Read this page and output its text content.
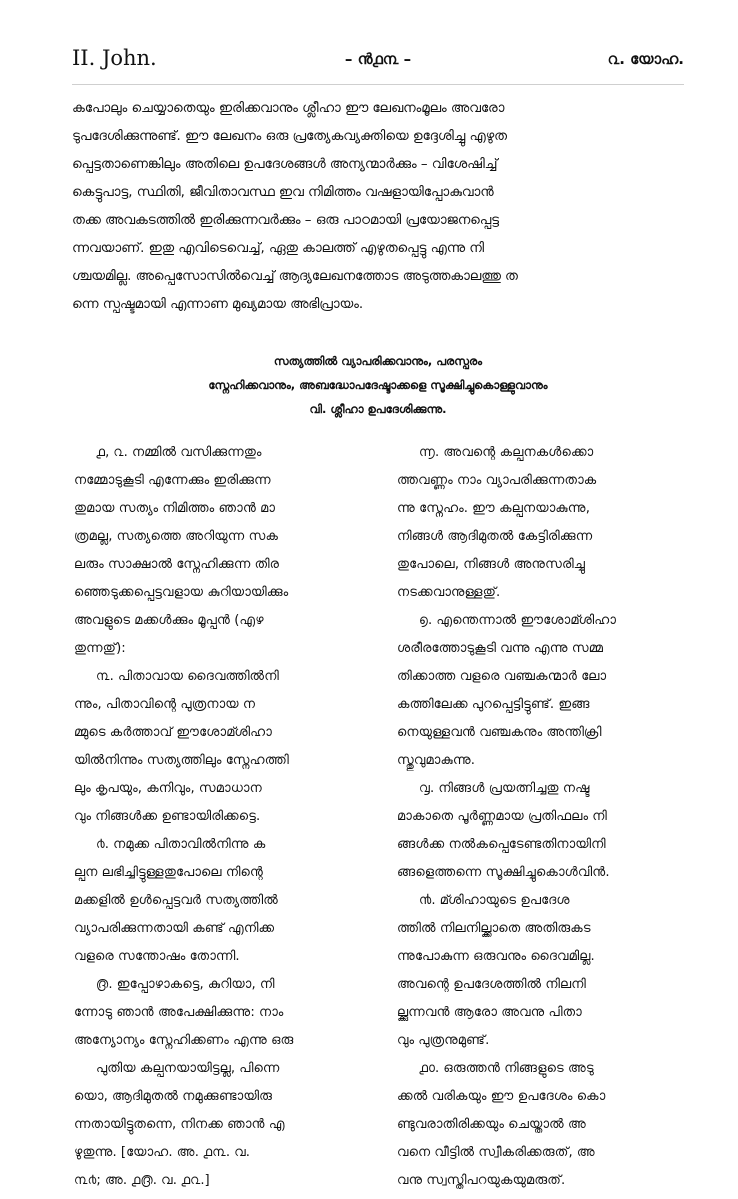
II. John.	– ൻ൧൩ –	൨. യോഹ.
കപോലും ചെയ്യാതെയും ഇരിക്കവാനും ശ്ലീഹാ ഈ ലേഖനംമൂലം അവരോ
ടുപദേശിക്കുന്നുണ്ട്. ഈ ലേഖനം ഒരു പ്രത്യേകവ്യക്തിയെ ഉദ്ദേശിച്ചു എഴുത
പ്പെട്ടതാണെങ്കിലും അതിലെ ഉപദേശങ്ങൾ അന്യന്മാർക്കും – വിശേഷിച്ച്
കെട്ടുപാട്ട, സ്ഥിതി, ജീവിതാവസ്ഥ ഇവ നിമിത്തം വഷളായിപ്പോകുവാൻ
തക്ക അവകടത്തിൽ ഇരിക്കുന്നവർക്കും – ഒരു പാഠമായി പ്രയോജനപ്പെട്ട
ന്നവയാണ്. ഇതു എവിടെവെച്ച്, ഏതു കാലത്ത് എഴുതപ്പെട്ടു എന്നു നി
ശ്ചയമില്ല. അപ്പെസോസിൽവെച്ച് ആദ്യലേഖനത്തോട അടുത്തകാലത്തു ത
ന്നെ സ്പഷ്ടമായി എന്നാണ മുഖ്യമായ അഭിപ്രായം.
സത്യത്തിൽ വ്യാപരിക്കവാനും, പരസ്പരം
സ്നേഹിക്കവാനും, അബദ്ധോപദേഷ്ടാക്കളെ സൂക്ഷിച്ചുകൊള്ളുവാനും
വി. ശ്ലീഹാ ഉപദേശിക്കുന്നു.
൧, ൨. നമ്മിൽ വസിക്കുന്നതും
നമ്മോടുകൂടി എന്നേക്കും ഇരിക്കുന്ന
തുമായ സത്യം നിമിത്തം ഞാൻ മാ
ത്രമല്ല, സത്യത്തെ അറിയുന്ന സക
ലരും സാക്ഷാൽ സ്നേഹിക്കുന്ന തിര
ഞ്ഞെടുക്കപ്പെട്ടവളായ കുറിയായിക്കും
അവളുടെ മക്കൾക്കും മൂപ്പൻ (എഴ
തുന്നതു്):
൩. പിതാവായ ദൈവത്തിൽനി
ന്നും, പിതാവിന്റെ പുത്രനായ ന
മ്മുടെ കർത്താവ് ഈശോമ്ശിഹാ
യിൽനിന്നും സത്യത്തിലും സ്നേഹത്തി
ലും കൃപയും, കനിവും, സമാധാന
വും നിങ്ങൾക്ക ഉണ്ടായിരിക്കട്ടെ.
൪. നമുക്ക പിതാവിൽനിന്നു ക
ല്പന ലഭിച്ചിട്ടുള്ളതുപോലെ നിന്റെ
മക്കളിൽ ഉൾപ്പെട്ടവർ സത്യത്തിൽ
വ്യാപരിക്കുന്നതായി കണ്ട് എനിക്ക
വളരെ സന്തോഷം തോന്നി.
൫. ഇപ്പോഴാകട്ടെ, കുറിയാ, നി
ന്നോടു ഞാൻ അപേക്ഷിക്കുന്നു: നാം
അന്യോന്യം സ്നേഹിക്കണം എന്നു ഒരു
പുതിയ കല്പനയായിട്ടല്ല, പിന്നെ
യൊ, ആദിമുതൽ നമുക്കുണ്ടായിരു
ന്നതായിട്ടുതന്നെ, നിനക്ക ഞാൻ എ
ഴുതുന്നു. [യോഹ. അ. ൧൩. വ.
൩൪; അ. ൧൫. വ. ൧൨.]
൬. അവന്റെ കല്പനകൾക്കൊ
ത്തവണ്ണം നാം വ്യാപരിക്കുന്നതാക
ന്നു സ്നേഹം. ഈ കല്പനയാകുന്നു,
നിങ്ങൾ ആദിമുതൽ കേട്ടിരിക്കുന്ന
തുപോലെ, നിങ്ങൾ അനുസരിച്ചു
നടക്കവാനുള്ളതു്.
൭. എന്തെന്നാൽ ഈശോമ്ശിഹാ
ശരീരത്തോടുകൂടി വന്നു എന്നു സമ്മ
തിക്കാത്ത വളരെ വഞ്ചകന്മാർ ലോ
കത്തിലേക്ക പുറപ്പെട്ടിട്ടുണ്ട്. ഇങ്ങ
നെയുള്ളവൻ വഞ്ചകനും അന്തിക്രി
സ്തുവുമാകുന്നു.
൮. നിങ്ങൾ പ്രയത്നിച്ചതു നഷ്ട
മാകാതെ പൂർണ്ണമായ പ്രതിഫലം നി
ങ്ങൾക്ക നൽകപ്പെടേണ്ടതിനായിനി
ങ്ങളെത്തന്നെ സൂക്ഷിച്ചുകൊൾവിൻ.
൯. മ്ശിഹായുടെ ഉപദേശ
ത്തിൽ നിലനില്ക്കാതെ അതിരുകട
ന്നുപോകുന്ന ഒരുവനും ദൈവമില്ല.
അവന്റെ ഉപദേശത്തിൽ നിലനി
ല്ക്കുന്നവൻ ആരോ അവനു പിതാ
വും പുത്രനുമുണ്ട്.
൧൦. ഒരുത്തൻ നിങ്ങളുടെ അടു
ക്കൽ വരികയും ഈ ഉപദേശം കൊ
ണ്ടുവരാതിരിക്കയും ചെയ്താൽ അ
വനെ വീട്ടിൽ സ്വീകരിക്കരുത്, അ
വനു സ്വസ്തിപറയുകയുമരുത്.
